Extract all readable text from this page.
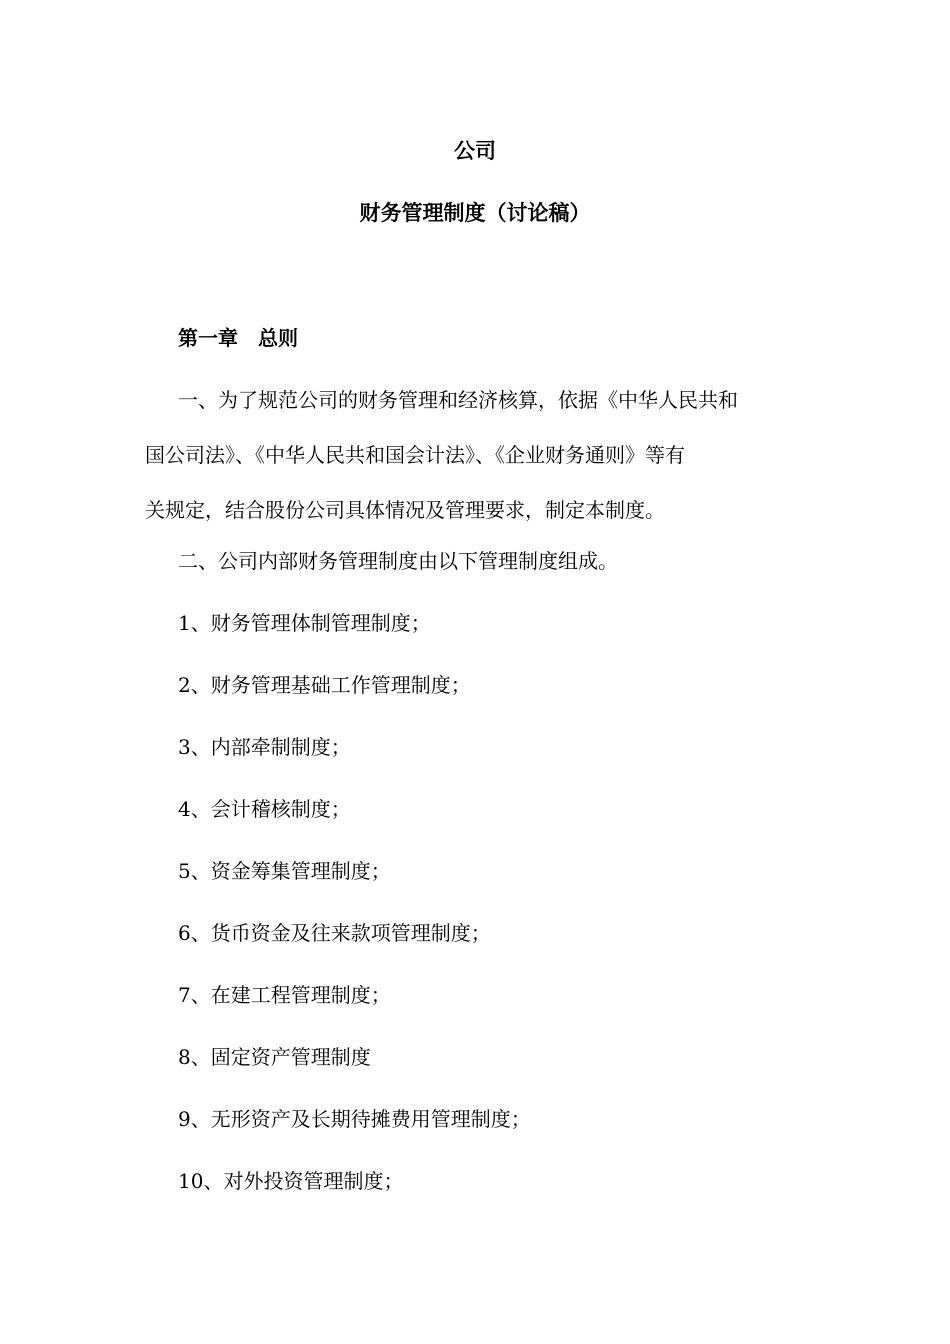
公司
财务管理制度（讨论稿）
第一章　总则
一、为了规范公司的财务管理和经济核算，依据《中华人民共和
国公司法》、《中华人民共和国会计法》、《企业财务通则》等有
关规定，结合股份公司具体情况及管理要求，制定本制度。
二、公司内部财务管理制度由以下管理制度组成。
1、财务管理体制管理制度；
2、财务管理基础工作管理制度；
3、内部牵制制度；
4、会计稽核制度；
5、资金筹集管理制度；
6、货币资金及往来款项管理制度；
7、在建工程管理制度；
8、固定资产管理制度
9、无形资产及长期待摊费用管理制度；
10、对外投资管理制度；
